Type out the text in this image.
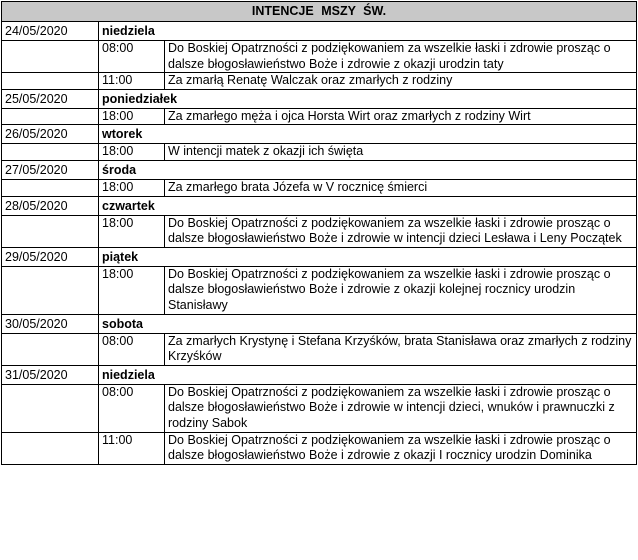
INTENCJE MSZY ŚW.		
24/05/2020	niedziela	
	08:00	Do Boskiej Opatrzności z podziękowaniem za wszelkie łaski i zdrowie prosząc o dalsze błogosławieństwo Boże i zdrowie z okazji urodzin taty
	11:00	Za zmarłą Renatę Walczak oraz zmarłych z rodziny
25/05/2020	poniedziałek	
	18:00	Za zmarłego męża i ojca Horsta Wirt oraz zmarłych z rodziny Wirt
26/05/2020	wtorek	
	18:00	W intencji matek z okazji ich święta
27/05/2020	środa	
	18:00	Za zmarłego brata Józefa w V rocznicę śmierci
28/05/2020	czwartek	
	18:00	Do Boskiej Opatrzności z podziękowaniem za wszelkie łaski i zdrowie prosząc o dalsze błogosławieństwo Boże i zdrowie w intencji dzieci Lesława i Leny Początek
29/05/2020	piątek	
	18:00	Do Boskiej Opatrzności z podziękowaniem za wszelkie łaski i zdrowie prosząc o dalsze błogosławieństwo Boże i zdrowie z okazji kolejnej rocznicy urodzin Stanisławy
30/05/2020	sobota	
	08:00	Za zmarłych Krystynę i Stefana Krzyśków, brata Stanisława oraz zmarłych z rodziny Krzyśków
31/05/2020	niedziela	
	08:00	Do Boskiej Opatrzności z podziękowaniem za wszelkie łaski i zdrowie prosząc o dalsze błogosławieństwo Boże i zdrowie w intencji dzieci, wnuków i prawnuczki z rodziny Sabok
	11:00	Do Boskiej Opatrzności z podziękowaniem za wszelkie łaski i zdrowie prosząc o dalsze błogosławieństwo Boże i zdrowie z okazji I rocznicy urodzin Dominika
